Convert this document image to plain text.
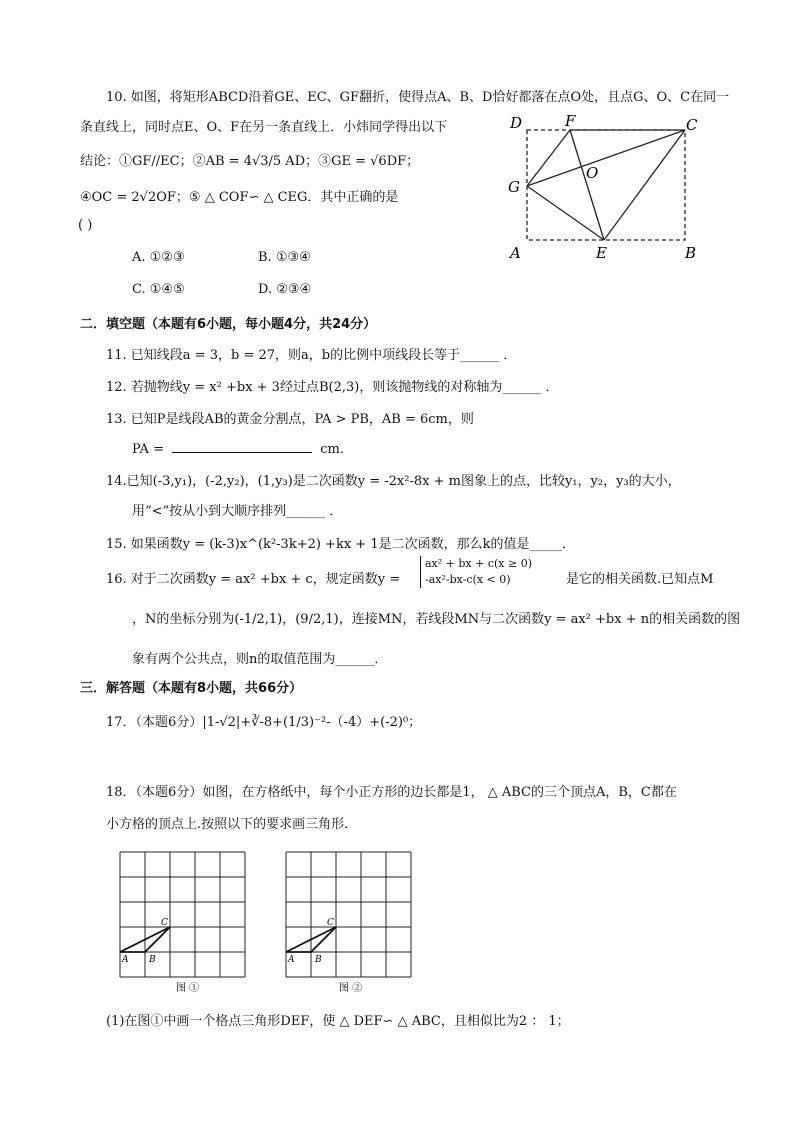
10. 如图，将矩形ABCD沿着GE、EC、GF翻折，使得点A、B、D恰好都落在点O处，且点G、O、C在同一
条直线上，同时点E、O、F在另一条直线上．小炜同学得出以下
结论：①GF//EC；②AB = 4√3/5 AD；③GE = √6DF；
④OC = 2√2OF；⑤ △ COF∽ △ CEG．其中正确的是
( )
A. ①②③	B. ①③④
C. ①④⑤	D. ②③④
D	F	C
G
O
A	E	B
二．填空题（本题有6小题，每小题4分，共24分）
11. 已知线段a = 3，b = 27，则a，b的比例中项线段长等于______ ．
12. 若抛物线y = x² +bx + 3经过点B(2,3)，则该抛物线的对称轴为______ ．
13. 已知P是线段AB的黄金分割点，PA > PB，AB = 6cm，则
PA =	cm.
14.已知(-3,y₁)，(-2,y₂)，(1,y₃)是二次函数y = -2x²-8x + m图象上的点，比较y₁，y₂，y₃的大小，
用“<”按从小到大顺序排列______ ．
15. 如果函数y = (k-3)x^(k²-3k+2) +kx + 1是二次函数，那么k的值是_____．
16. 对于二次函数y = ax² +bx + c，规定函数y =
ax² + bx + c(x ≥ 0)
-ax²-bx-c(x < 0)	是它的相关函数.已知点M
，N的坐标分别为(-1/2,1)，(9/2,1)，连接MN，若线段MN与二次函数y = ax² +bx + n的相关函数的图
象有两个公共点，则n的取值范围为______．
三．解答题（本题有8小题，共66分）
17．（本题6分）|1-√2|+∛-8+(1/3)⁻²-（-4）+(-2)⁰；
18．（本题6分）如图，在方格纸中，每个小正方形的边长都是1， △ ABC的三个顶点A，B，C都在
小方格的顶点上.按照以下的要求画三角形．
A B
C
图 ①
A B
C
图 ②
(1)在图①中画一个格点三角形DEF，使 △ DEF∽ △ ABC，且相似比为2 ： 1；
